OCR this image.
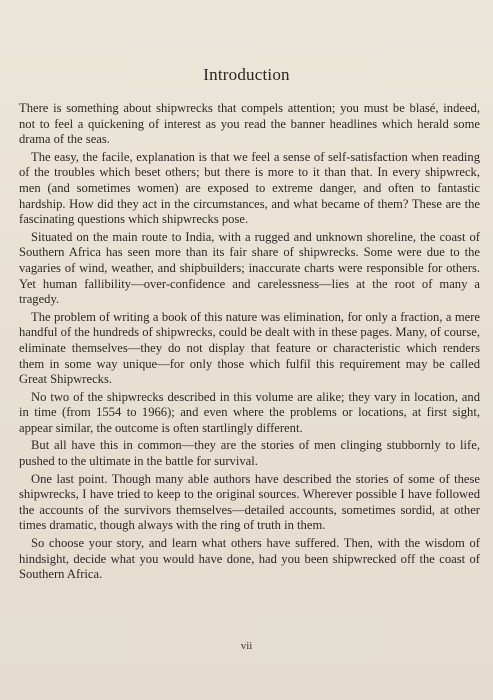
Introduction

There is something about shipwrecks that compels attention; you must be blasé, indeed, not to feel a quickening of interest as you read the banner headlines which herald some drama of the seas.

The easy, the facile, explanation is that we feel a sense of self-satisfaction when reading of the troubles which beset others; but there is more to it than that. In every shipwreck, men (and sometimes women) are exposed to extreme danger, and often to fantastic hardship. How did they act in the circumstances, and what became of them? These are the fascinating questions which shipwrecks pose.

Situated on the main route to India, with a rugged and unknown shoreline, the coast of Southern Africa has seen more than its fair share of shipwrecks. Some were due to the vagaries of wind, weather, and shipbuilders; inaccurate charts were responsible for others. Yet human fallibility—over-confidence and carelessness—lies at the root of many a tragedy.

The problem of writing a book of this nature was elimination, for only a fraction, a mere handful of the hundreds of shipwrecks, could be dealt with in these pages. Many, of course, eliminate themselves—they do not display that feature or characteristic which renders them in some way unique—for only those which fulfil this requirement may be called Great Shipwrecks.

No two of the shipwrecks described in this volume are alike; they vary in location, and in time (from 1554 to 1966); and even where the problems or locations, at first sight, appear similar, the outcome is often startlingly different.

But all have this in common—they are the stories of men clinging stubbornly to life, pushed to the ultimate in the battle for survival.

One last point. Though many able authors have described the stories of some of these shipwrecks, I have tried to keep to the original sources. Wherever possible I have followed the accounts of the survivors themselves—detailed accounts, sometimes sordid, at other times dramatic, though always with the ring of truth in them.

So choose your story, and learn what others have suffered. Then, with the wisdom of hindsight, decide what you would have done, had you been shipwrecked off the coast of Southern Africa.

vii
